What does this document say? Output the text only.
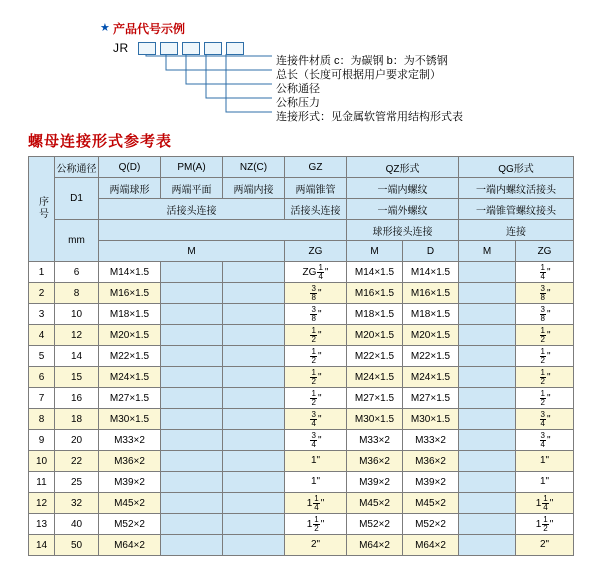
★ 产品代号示例
JR
连接件材质 c：为碳钢 b：为不锈钢
总长（长度可根据用户要求定制）
公称通径
公称压力
连接形式：见金属软管常用结构形式表
螺母连接形式参考表
序号	公称通径	Q(D)	PM(A)	NZ(C)	GZ	QZ形式		QG形式	
	D1	两端球形	两端平面	两端内接	两端锥管	一端内螺纹		一端内螺纹活接头	
		活接头连接			活接头连接	一端外螺纹		一端锥管螺纹接头	
	mm					球形接头连接		连接	
		M			ZG	M	D	M	ZG
1	6	M14×1.5			ZG $\frac{1}{4}$ "	M14×1.5	M14×1.5		$\frac{1}{4}$ "
2	8	M16×1.5			$\frac{3}{8}$ "	M16×1.5	M16×1.5		$\frac{3}{8}$ "
3	10	M18×1.5			$\frac{3}{8}$ "	M18×1.5	M18×1.5		$\frac{3}{8}$ "
4	12	M20×1.5			$\frac{1}{2}$ "	M20×1.5	M20×1.5		$\frac{1}{2}$ "
5	14	M22×1.5			$\frac{1}{2}$ "	M22×1.5	M22×1.5		$\frac{1}{2}$ "
6	15	M24×1.5			$\frac{1}{2}$ "	M24×1.5	M24×1.5		$\frac{1}{2}$ "
7	16	M27×1.5			$\frac{1}{2}$ "	M27×1.5	M27×1.5		$\frac{1}{2}$ "
8	18	M30×1.5			$\frac{3}{4}$ "	M30×1.5	M30×1.5		$\frac{3}{4}$ "
9	20	M33×2			$\frac{3}{4}$ "	M33×2	M33×2		$\frac{3}{4}$ "
10	22	M36×2			1"	M36×2	M36×2		1"
11	25	M39×2			1"	M39×2	M39×2		1"
12	32	M45×2			$1 \frac{1}{4}$ "	M45×2	M45×2		$1 \frac{1}{4}$ "
13	40	M52×2			$1 \frac{1}{2}$ "	M52×2	M52×2		$1 \frac{1}{2}$ "
14	50	M64×2			2"	M64×2	M64×2		2"
